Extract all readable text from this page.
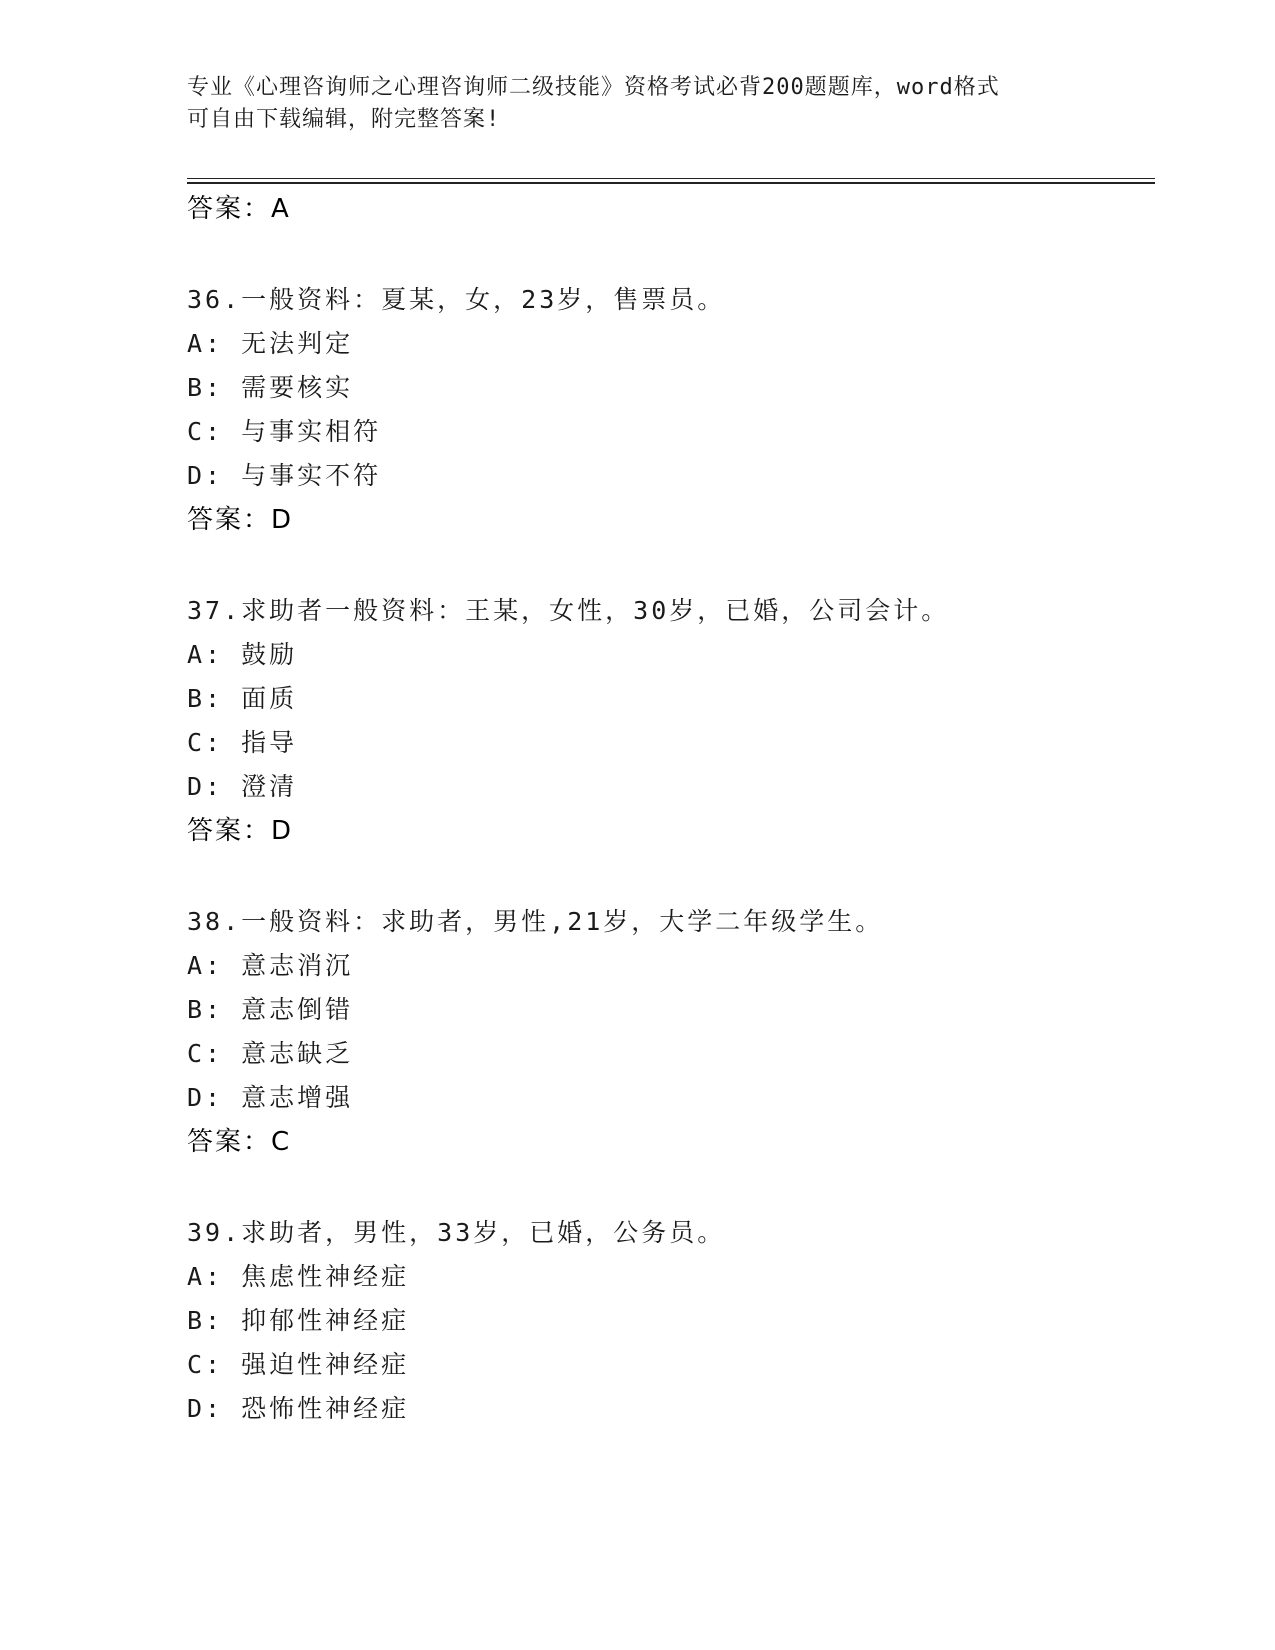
专业《心理咨询师之心理咨询师二级技能》资格考试必背200题题库，word格式
可自由下载编辑，附完整答案!
答案：A
36.一般资料：夏某，女，23岁，售票员。
A: 无法判定
B: 需要核实
C: 与事实相符
D: 与事实不符
答案：D
37.求助者一般资料：王某，女性，30岁，已婚，公司会计。
A: 鼓励
B: 面质
C: 指导
D: 澄清
答案：D
38.一般资料：求助者，男性,21岁，大学二年级学生。
A: 意志消沉
B: 意志倒错
C: 意志缺乏
D: 意志增强
答案：C
39.求助者，男性，33岁，已婚，公务员。
A: 焦虑性神经症
B: 抑郁性神经症
C: 强迫性神经症
D: 恐怖性神经症
